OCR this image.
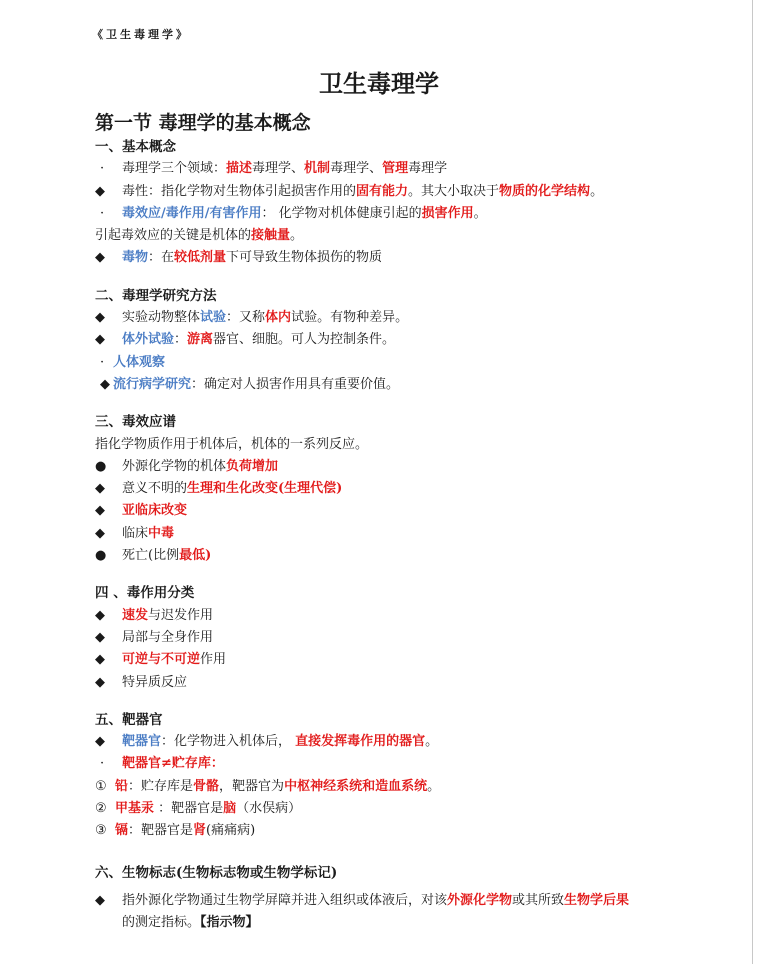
《卫生毒理学》
卫生毒理学
第一节 毒理学的基本概念
一、基本概念
· 毒理学三个领域：描述毒理学、机制毒理学、管理毒理学
◆ 毒性：指化学物对生物体引起损害作用的固有能力。其大小取决于物质的化学结构。
· 毒效应/毒作用/有害作用： 化学物对机体健康引起的损害作用。
引起毒效应的关键是机体的接触量。
◆ 毒物：在较低剂量下可导致生物体损伤的物质
二、毒理学研究方法
◆ 实验动物整体试验：又称体内试验。有物种差异。
◆ 体外试验：游离器官、细胞。可人为控制条件。
· 人体观察
◆ 流行病学研究：确定对人损害作用具有重要价值。
三、毒效应谱
指化学物质作用于机体后，机体的一系列反应。
● 外源化学物的机体负荷增加
◆ 意义不明的生理和生化改变(生理代偿)
◆ 亚临床改变
◆ 临床中毒
● 死亡(比例最低)
四 、毒作用分类
◆ 速发与迟发作用
◆ 局部与全身作用
◆ 可逆与不可逆作用
◆ 特异质反应
五、靶器官
◆ 靶器官：化学物进入机体后， 直接发挥毒作用的器官。
· 靶器官≠贮存库：
① 铅：贮存库是骨骼，靶器官为中枢神经系统和造血系统。
② 甲基汞 ：靶器官是脑（水俣病）
③ 镉：靶器官是肾(痛痛病)
六、生物标志(生物标志物或生物学标记)
◆ 指外源化学物通过生物学屏障并进入组织或体液后，对该外源化学物或其所致生物学后果
的测定指标。【指示物】
